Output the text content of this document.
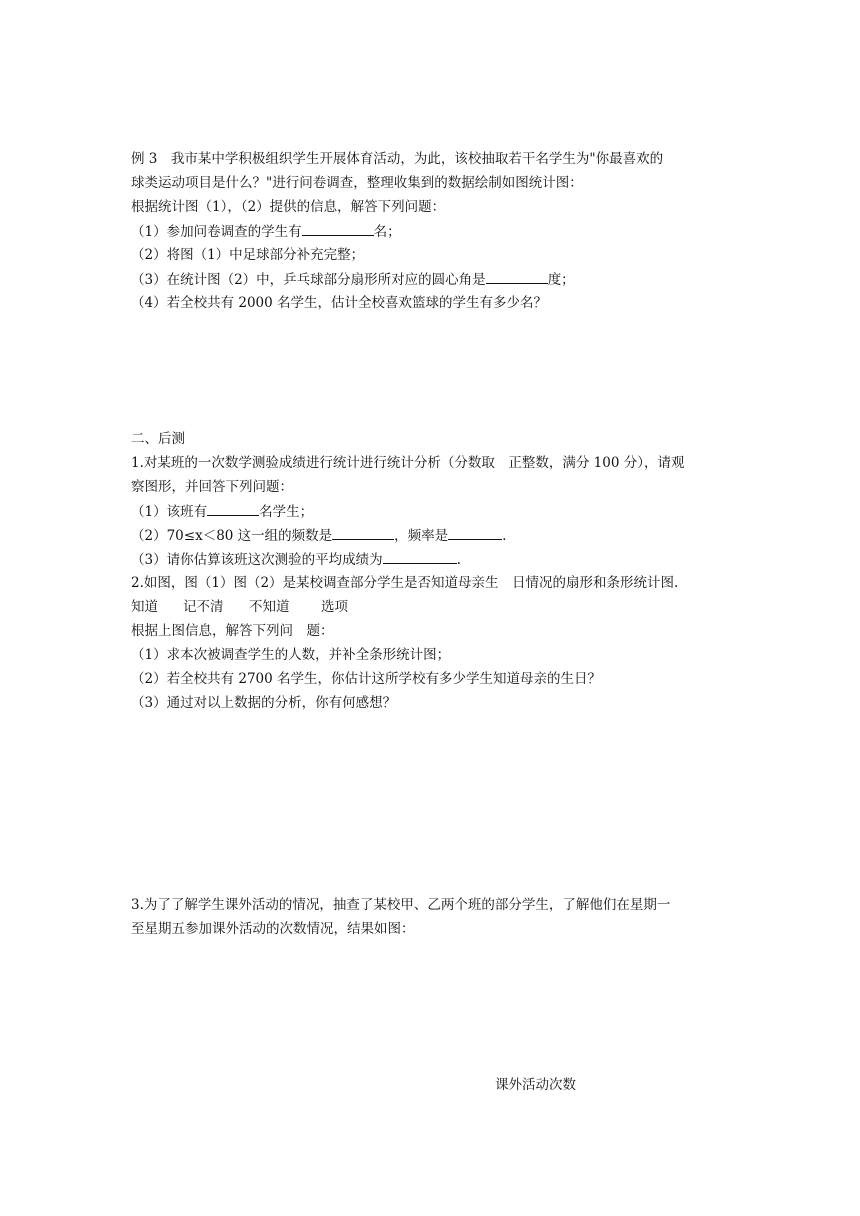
例 3　我市某中学积极组织学生开展体育活动，为此，该校抽取若干名学生为"你最喜欢的
球类运动项目是什么？"进行问卷调查，整理收集到的数据绘制如图统计图：
根据统计图（1），（2）提供的信息，解答下列问题：
（1）参加问卷调查的学生有	名；
（2）将图（1）中足球部分补充完整；
（3）在统计图（2）中，乒乓球部分扇形所对应的圆心角是	度；
（4）若全校共有 2000 名学生，估计全校喜欢篮球的学生有多少名？
二、后测
1.对某班的一次数学测验成绩进行统计进行统计分析（分数取　正整数，满分 100 分），请观
察图形，并回答下列问题：
（1）该班有	名学生；
（2）70≤x＜80 这一组的频数是	，频率是	.
（3）请你估算该班这次测验的平均成绩为	.
2.如图，图（1）图（2）是某校调查部分学生是否知道母亲生　日情况的扇形和条形统计图.
知道 记不清 不知道 选项
根据上图信息，解答下列问　题：
（1）求本次被调查学生的人数，并补全条形统计图；
（2）若全校共有 2700 名学生，你估计这所学校有多少学生知道母亲的生日？
（3）通过对以上数据的分析，你有何感想？
3.为了了解学生课外活动的情况，抽查了某校甲、乙两个班的部分学生，了解他们在星期一
至星期五参加课外活动的次数情况，结果如图：
课外活动次数
